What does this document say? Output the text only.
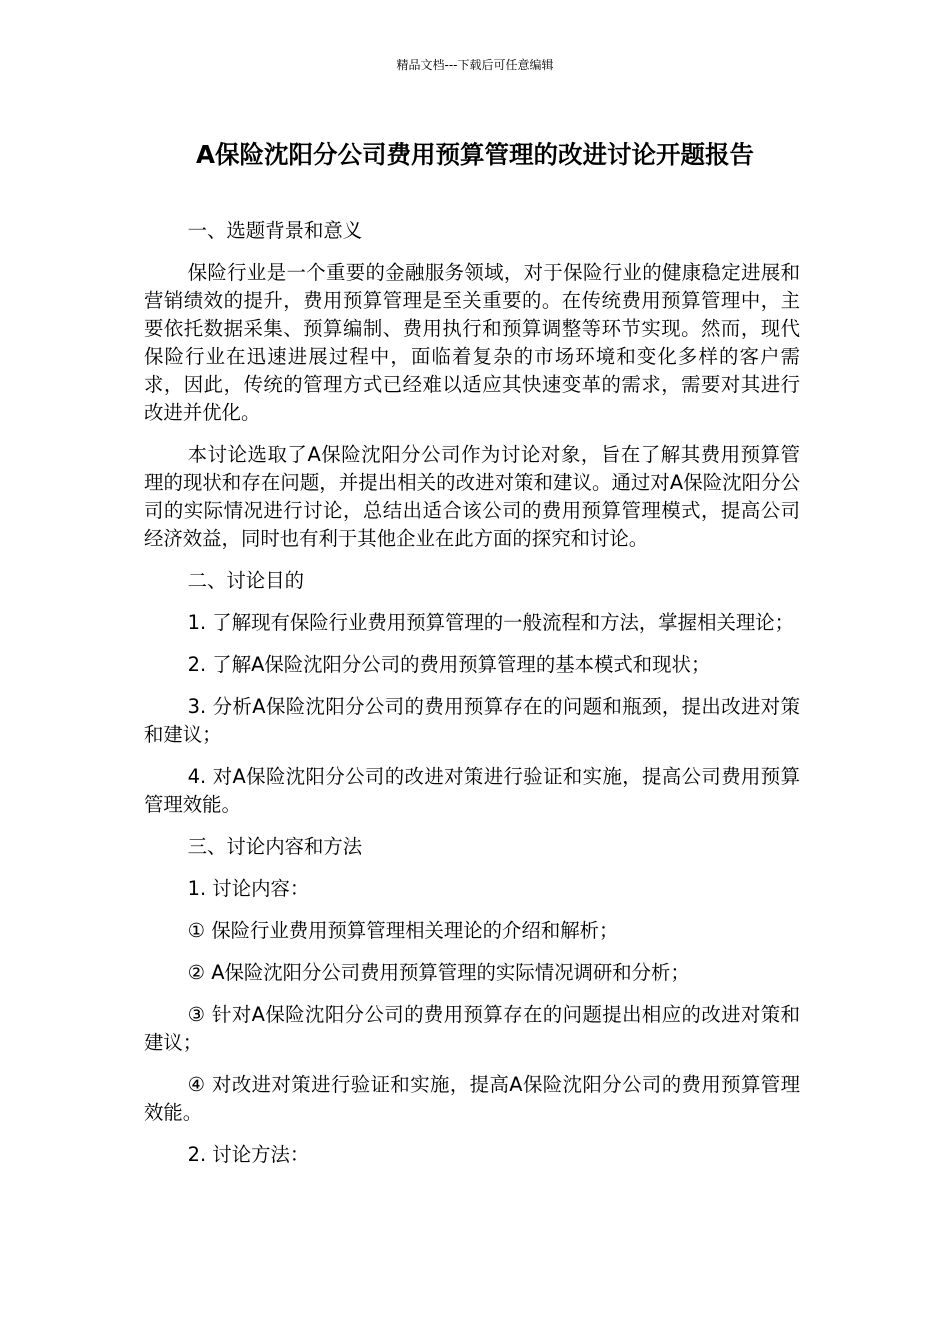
精品文档---下载后可任意编辑
A保险沈阳分公司费用预算管理的改进讨论开题报告

一、选题背景和意义

保险行业是一个重要的金融服务领域，对于保险行业的健康稳定进展和营销绩效的提升，费用预算管理是至关重要的。在传统费用预算管理中，主要依托数据采集、预算编制、费用执行和预算调整等环节实现。然而，现代保险行业在迅速进展过程中，面临着复杂的市场环境和变化多样的客户需求，因此，传统的管理方式已经难以适应其快速变革的需求，需要对其进行改进并优化。

本讨论选取了A保险沈阳分公司作为讨论对象，旨在了解其费用预算管理的现状和存在问题，并提出相关的改进对策和建议。通过对A保险沈阳分公司的实际情况进行讨论，总结出适合该公司的费用预算管理模式，提高公司经济效益，同时也有利于其他企业在此方面的探究和讨论。

二、讨论目的

1. 了解现有保险行业费用预算管理的一般流程和方法，掌握相关理论；

2. 了解A保险沈阳分公司的费用预算管理的基本模式和现状；

3. 分析A保险沈阳分公司的费用预算存在的问题和瓶颈，提出改进对策和建议；

4. 对A保险沈阳分公司的改进对策进行验证和实施，提高公司费用预算管理效能。

三、讨论内容和方法

1. 讨论内容：

① 保险行业费用预算管理相关理论的介绍和解析；

② A保险沈阳分公司费用预算管理的实际情况调研和分析；

③ 针对A保险沈阳分公司的费用预算存在的问题提出相应的改进对策和建议；

④ 对改进对策进行验证和实施，提高A保险沈阳分公司的费用预算管理效能。

2. 讨论方法：
